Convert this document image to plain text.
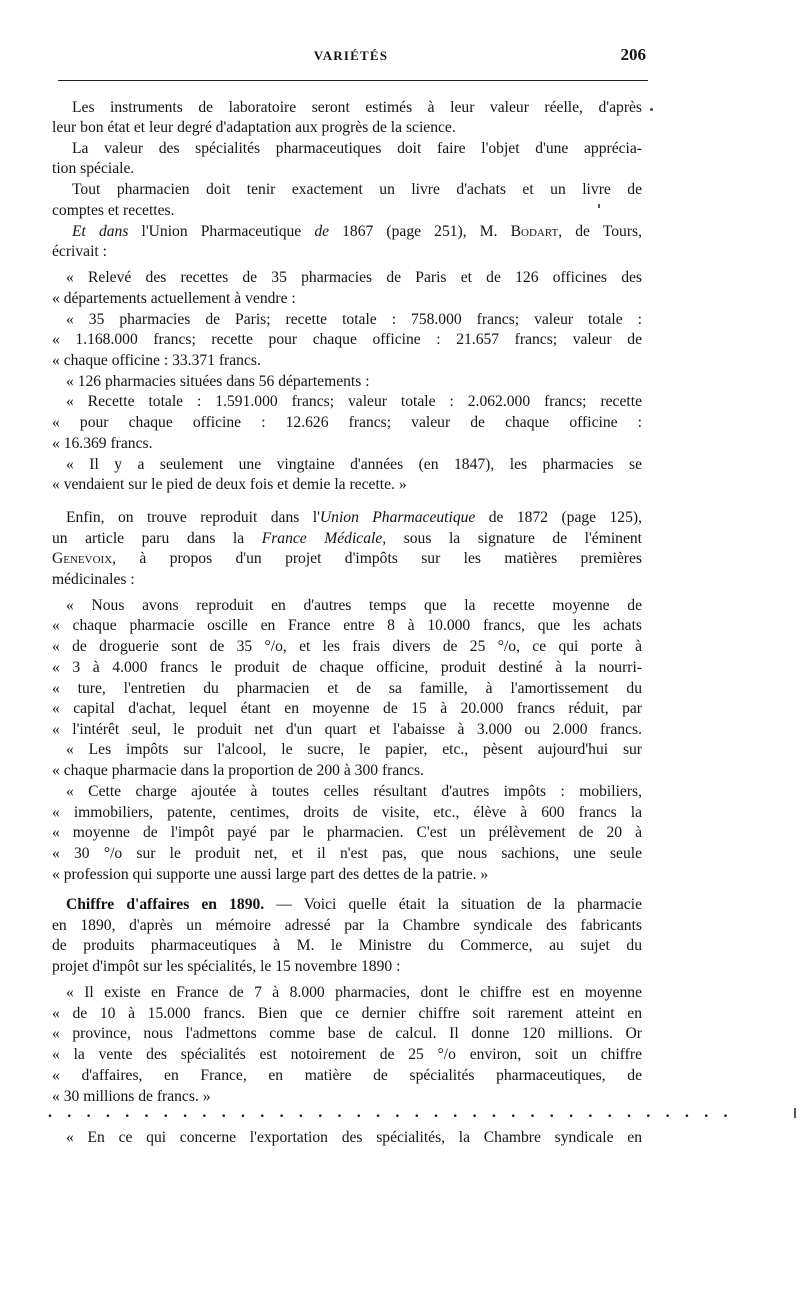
VARIÉTÉS	206
Les instruments de laboratoire seront estimés à leur valeur réelle, d'après
leur bon état et leur degré d'adaptation aux progrès de la science.
La valeur des spécialités pharmaceutiques doit faire l'objet d'une apprécia-
tion spéciale.
Tout pharmacien doit tenir exactement un livre d'achats et un livre de
comptes et recettes.
Et dans l'Union Pharmaceutique de 1867 (page 251), M. Bodart, de Tours,
écrivait :
« Relevé des recettes de 35 pharmacies de Paris et de 126 officines des
« départements actuellement à vendre :
« 35 pharmacies de Paris; recette totale : 758.000 francs; valeur totale :
« 1.168.000 francs; recette pour chaque officine : 21.657 francs; valeur de
« chaque officine : 33.371 francs.
« 126 pharmacies situées dans 56 départements :
« Recette totale : 1.591.000 francs; valeur totale : 2.062.000 francs; recette
« pour chaque officine : 12.626 francs; valeur de chaque officine :
« 16.369 francs.
« Il y a seulement une vingtaine d'années (en 1847), les pharmacies se
« vendaient sur le pied de deux fois et demie la recette. »
Enfin, on trouve reproduit dans l'Union Pharmaceutique de 1872 (page 125),
un article paru dans la France Médicale, sous la signature de l'éminent
Genevoix, à propos d'un projet d'impôts sur les matières premières
médicinales :
« Nous avons reproduit en d'autres temps que la recette moyenne de
« chaque pharmacie oscille en France entre 8 à 10.000 francs, que les achats
« de droguerie sont de 35 °/o, et les frais divers de 25 °/o, ce qui porte à
« 3 à 4.000 francs le produit de chaque officine, produit destiné à la nourri-
« ture, l'entretien du pharmacien et de sa famille, à l'amortissement du
« capital d'achat, lequel étant en moyenne de 15 à 20.000 francs réduit, par
« l'intérêt seul, le produit net d'un quart et l'abaisse à 3.000 ou 2.000 francs.
« Les impôts sur l'alcool, le sucre, le papier, etc., pèsent aujourd'hui sur
« chaque pharmacie dans la proportion de 200 à 300 francs.
« Cette charge ajoutée à toutes celles résultant d'autres impôts : mobiliers,
« immobiliers, patente, centimes, droits de visite, etc., élève à 600 francs la
« moyenne de l'impôt payé par le pharmacien. C'est un prélèvement de 20 à
« 30 °/o sur le produit net, et il n'est pas, que nous sachions, une seule
« profession qui supporte une aussi large part des dettes de la patrie. »
Chiffre d'affaires en 1890. — Voici quelle était la situation de la pharmacie
en 1890, d'après un mémoire adressé par la Chambre syndicale des fabricants
de produits pharmaceutiques à M. le Ministre du Commerce, au sujet du
projet d'impôt sur les spécialités, le 15 novembre 1890 :
« Il existe en France de 7 à 8.000 pharmacies, dont le chiffre est en moyenne
« de 10 à 15.000 francs. Bien que ce dernier chiffre soit rarement atteint en
« province, nous l'admettons comme base de calcul. Il donne 120 millions. Or
« la vente des spécialités est notoirement de 25 °/o environ, soit un chiffre
« d'affaires, en France, en matière de spécialités pharmaceutiques, de
« 30 millions de francs. »
....................................
« En ce qui concerne l'exportation des spécialités, la Chambre syndicale en
